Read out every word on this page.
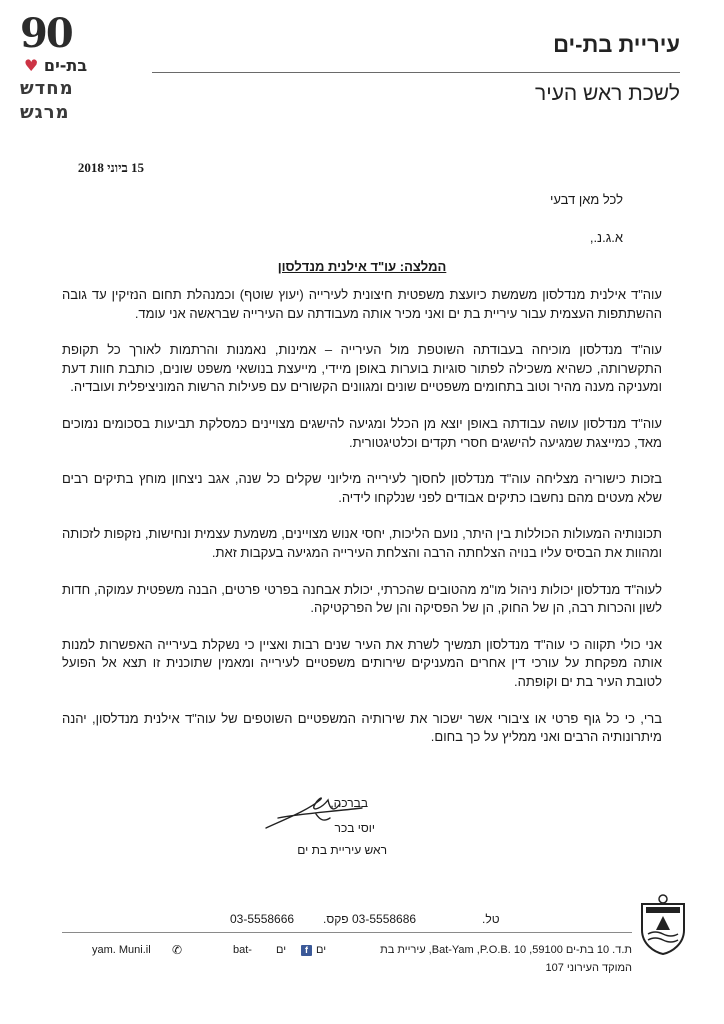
90
בת-ים ♥
מחדש
מרגש
עיריית בת-ים
לשכת ראש העיר
15 ביוני 2018
לכל מאן דבעי
א.ג.נ.,
המלצה: עו"ד אילנית מנדלסון

עוה"ד אילנית מנדלסון משמשת כיועצת משפטית חיצונית לעירייה (יעוץ שוטף) וכמנהלת תחום הנזיקין עד גובה ההשתתפות העצמית עבור עיריית בת ים ואני מכיר אותה מעבודתה עם העירייה שבראשה אני עומד.

עוה"ד מנדלסון מוכיחה בעבודתה השוטפת מול העירייה – אמינות, נאמנות והרתמות לאורך כל תקופת התקשרותה, כשהיא משכילה לפתור סוגיות בוערות באופן מיידי, מייעצת בנושאי משפט שונים, כותבת חוות דעת ומעניקה מענה מהיר וטוב בתחומים משפטיים שונים ומגוונים הקשורים עם פעילות הרשות המוניציפלית ועובדיה.

עוה"ד מנדלסון עושה עבודתה באופן יוצא מן הכלל ומגיעה להישגים מצויינים כמסלקת תביעות בסכומים נמוכים מאד, כמייצגת שמגיעה להישגים חסרי תקדים וכלטיגטורית.

בזכות כישוריה מצליחה עוה"ד מנדלסון לחסוך לעירייה מיליוני שקלים כל שנה, אגב ניצחון מוחץ בתיקים רבים שלא מעטים מהם נחשבו כתיקים אבודים לפני שנלקחו לידיה.

תכונותיה המעולות הכוללות בין היתר, נועם הליכות, יחסי אנוש מצויינים, משמעת עצמית ונחישות, נזקפות לזכותה ומהוות את הבסיס עליו בנויה הצלחתה הרבה והצלחת העירייה המגיעה בעקבות זאת.

לעוה"ד מנדלסון יכולות ניהול מו"מ מהטובים שהכרתי, יכולת אבחנה בפרטי פרטים, הבנה משפטית עמוקה, חדות לשון והכרות רבה, הן של החוק, הן של הפסיקה והן של הפרקטיקה.

אני כולי תקווה כי עוה"ד מנדלסון תמשיך לשרת את העיר שנים רבות ואציין כי נשקלת בעירייה האפשרות למנות אותה מפקחת על עורכי דין אחרים המעניקים שירותים משפטיים לעירייה ומאמין שתוכנית זו תצא אל הפועל לטובת העיר בת ים וקופתה.

ברי, כי כל גוף פרטי או ציבורי אשר ישכור את שירותיה המשפטיים השוטפים של עוה"ד אילנית מנדלסון, יהנה מיתרונותיה הרבים ואני ממליץ על כך בחום.

בברכה,
יוסי בכר
ראש עיריית בת ים
טל.
03-5558686
פקס.
03-5558666
ת.ד. 10 בת-ים 59100, Bat-Yam ,P.O.B. 10, עיריית בת
המוקד העירוני 107
yam. Muni.il ✆	bat- ים	f ים
